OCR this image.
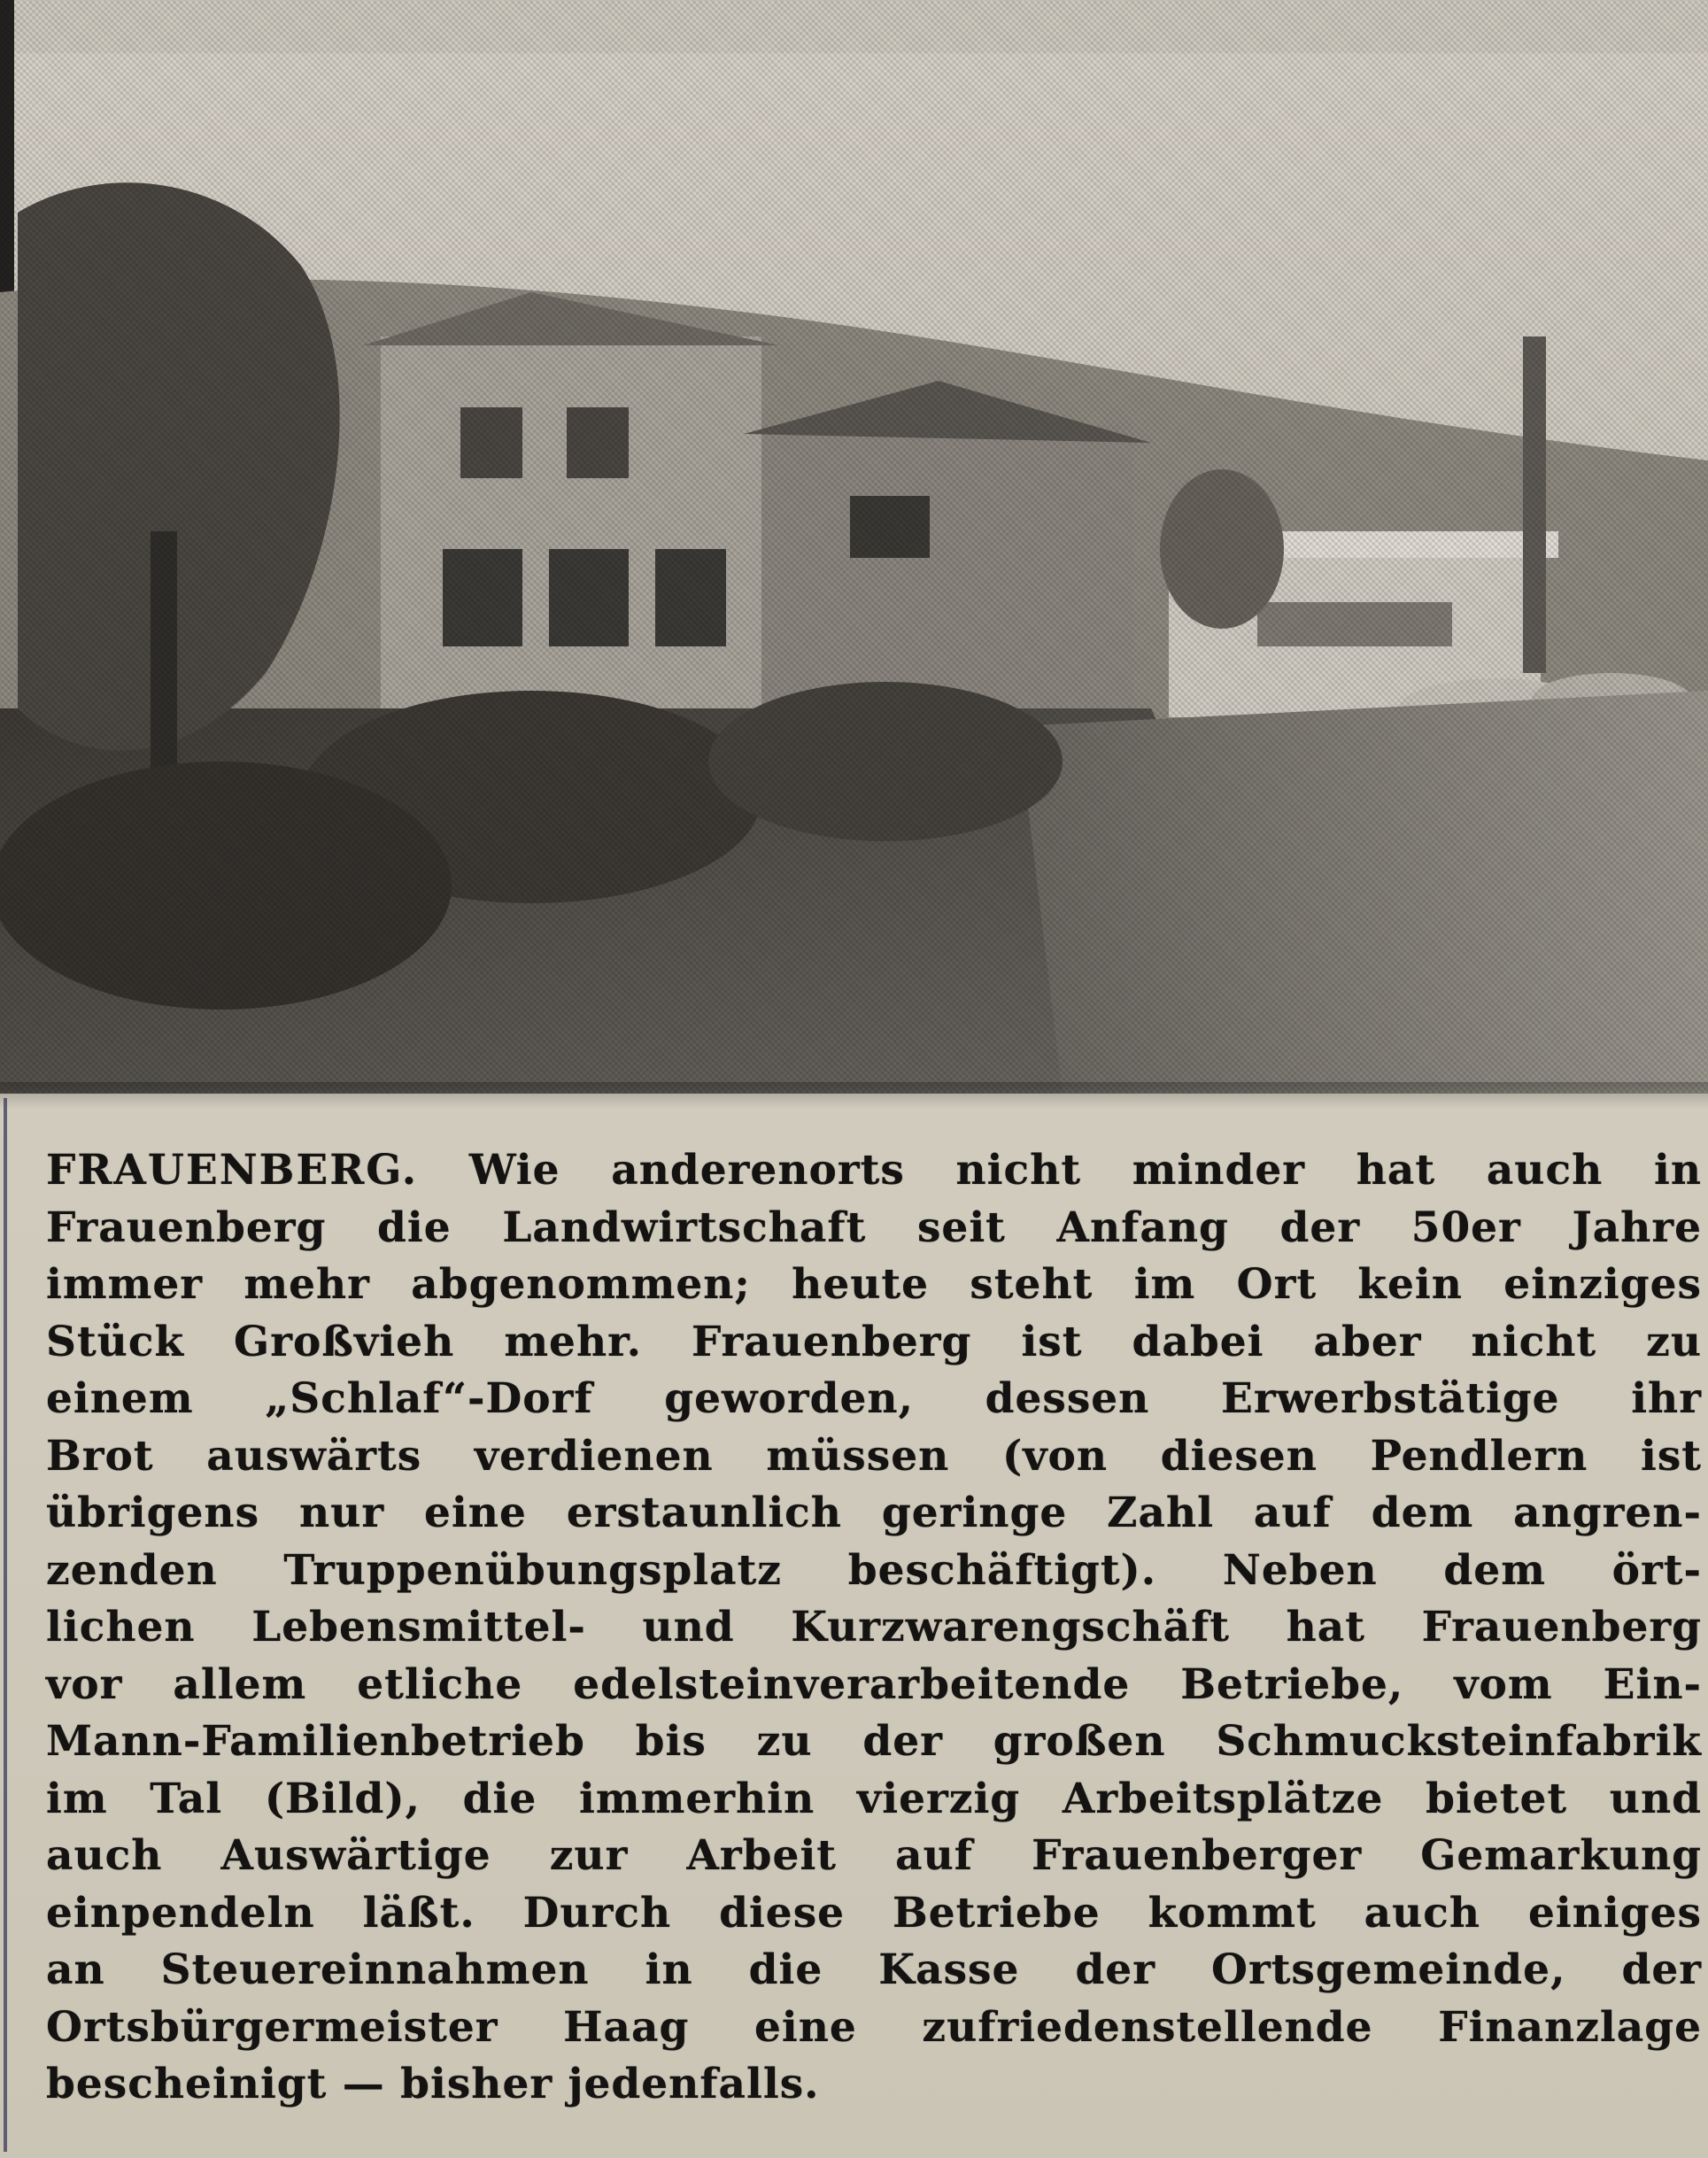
FRAUENBERG. Wie anderenorts nicht minder hat auch in
Frauenberg die Landwirtschaft seit Anfang der 50er Jahre
immer mehr abgenommen; heute steht im Ort kein einziges
Stück Großvieh mehr. Frauenberg ist dabei aber nicht zu
einem „Schlaf“-Dorf geworden, dessen Erwerbstätige ihr
Brot auswärts verdienen müssen (von diesen Pendlern ist
übrigens nur eine erstaunlich geringe Zahl auf dem angren-
zenden Truppenübungsplatz beschäftigt). Neben dem ört-
lichen Lebensmittel- und Kurzwarengschäft hat Frauenberg
vor allem etliche edelsteinverarbeitende Betriebe, vom Ein-
Mann-Familienbetrieb bis zu der großen Schmucksteinfabrik
im Tal (Bild), die immerhin vierzig Arbeitsplätze bietet und
auch Auswärtige zur Arbeit auf Frauenberger Gemarkung
einpendeln läßt. Durch diese Betriebe kommt auch einiges
an Steuereinnahmen in die Kasse der Ortsgemeinde, der
Ortsbürgermeister Haag eine zufriedenstellende Finanzlage
bescheinigt — bisher jedenfalls.
